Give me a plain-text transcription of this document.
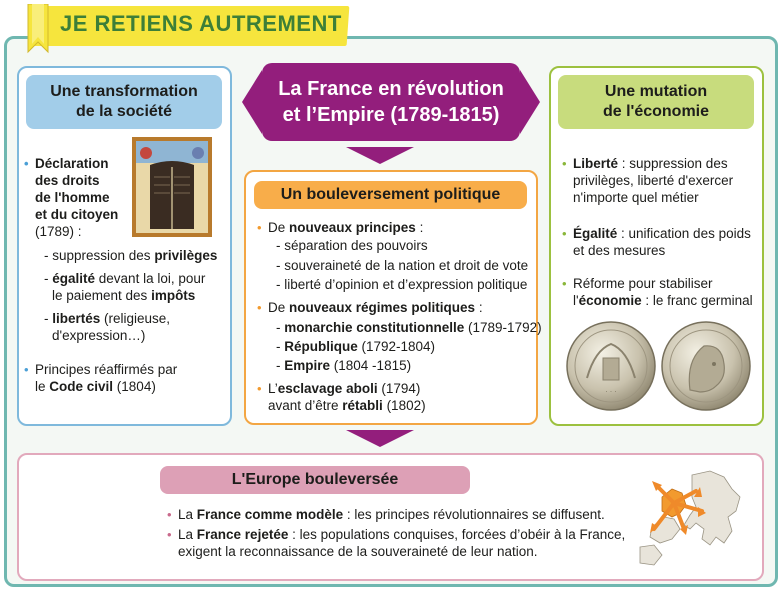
JE RETIENS AUTREMENT
La France en révolution
et l’Empire (1789-1815)
Une transformation
de la société
• Déclaration
des droits
de l'homme
et du citoyen
(1789) :
- suppression des privilèges
- égalité devant la loi, pour
le paiement des impôts
- libertés (religieuse,
d'expression…)
• Principes réaffirmés par
le Code civil (1804)
Un bouleversement politique
• De nouveaux principes :
- séparation des pouvoirs
- souveraineté de la nation et droit de vote
- liberté d’opinion et d’expression politique
• De nouveaux régimes politiques :
- monarchie constitutionnelle (1789-1792)
- République (1792-1804)
- Empire (1804 -1815)
• L’esclavage aboli (1794)
avant d’être rétabli (1802)
Une mutation
de l'économie
• Liberté : suppression des
privilèges, liberté d'exercer
n'importe quel métier
• Égalité : unification des poids
et des mesures
• Réforme pour stabiliser
l'économie : le franc germinal
· · ·
L'Europe bouleversée
• La France comme modèle : les principes révolutionnaires se diffusent.
• La France rejetée : les populations conquises, forcées d’obéir à la France,
exigent la reconnaissance de la souveraineté de leur nation.
